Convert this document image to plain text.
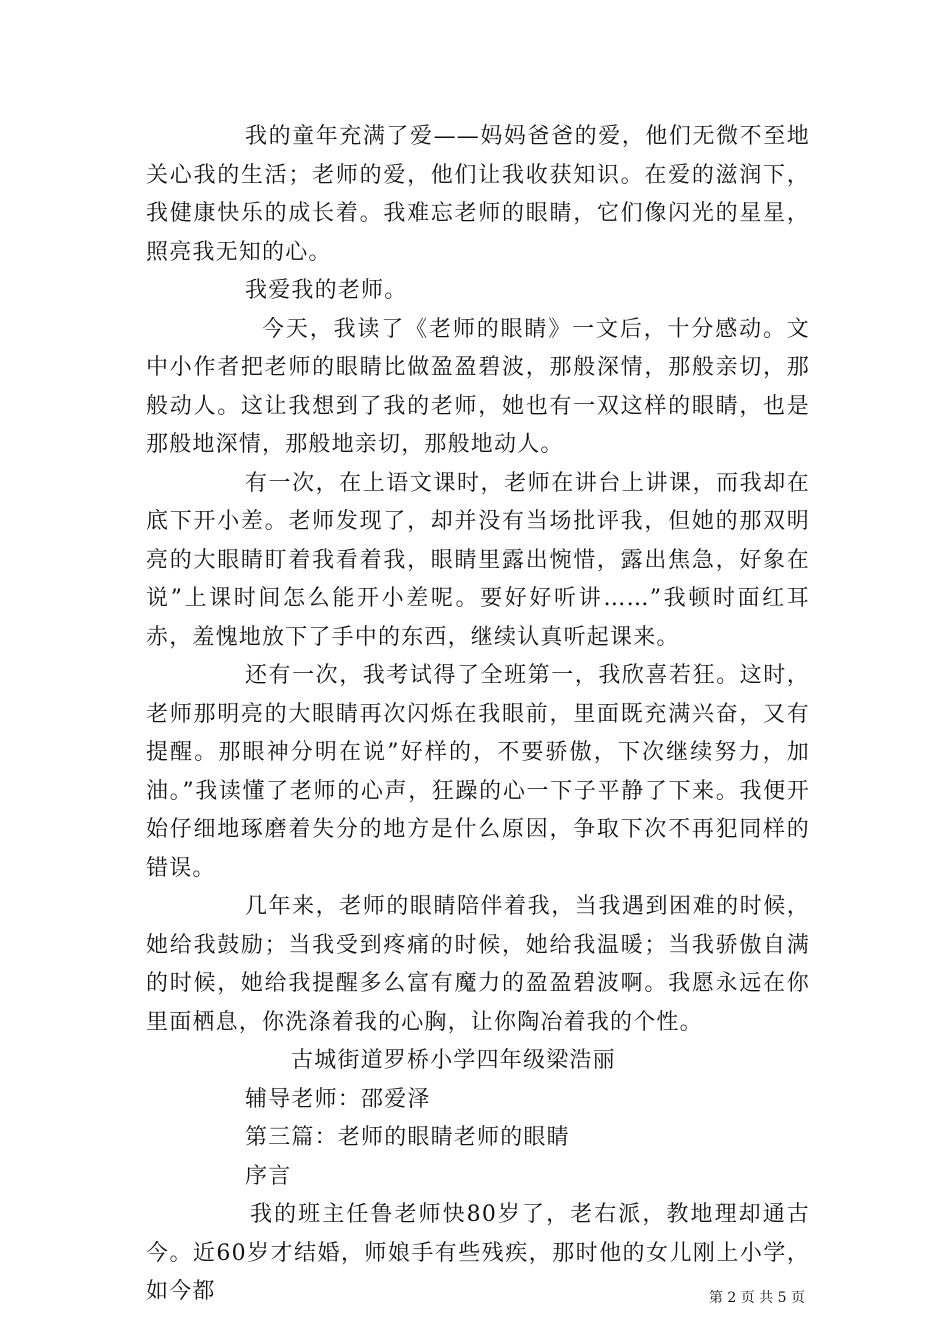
我的童年充满了爱——妈妈爸爸的爱，他们无微不至地关心我的生活；老师的爱，他们让我收获知识。在爱的滋润下，我健康快乐的成长着。我难忘老师的眼睛，它们像闪光的星星，照亮我无知的心。

我爱我的老师。

今天，我读了《老师的眼睛》一文后，十分感动。文中小作者把老师的眼睛比做盈盈碧波，那般深情，那般亲切，那般动人。这让我想到了我的老师，她也有一双这样的眼睛，也是那般地深情，那般地亲切，那般地动人。

有一次，在上语文课时，老师在讲台上讲课，而我却在底下开小差。老师发现了，却并没有当场批评我，但她的那双明亮的大眼睛盯着我看着我，眼睛里露出惋惜，露出焦急，好象在说”上课时间怎么能开小差呢。要好好听讲……”我顿时面红耳赤，羞愧地放下了手中的东西，继续认真听起课来。

还有一次，我考试得了全班第一，我欣喜若狂。这时，老师那明亮的大眼睛再次闪烁在我眼前，里面既充满兴奋，又有提醒。那眼神分明在说”好样的，不要骄傲，下次继续努力，加油。”我读懂了老师的心声，狂躁的心一下子平静了下来。我便开始仔细地琢磨着失分的地方是什么原因，争取下次不再犯同样的错误。

几年来，老师的眼睛陪伴着我，当我遇到困难的时候，她给我鼓励；当我受到疼痛的时候，她给我温暖；当我骄傲自满的时候，她给我提醒多么富有魔力的盈盈碧波啊。我愿永远在你里面栖息，你洗涤着我的心胸，让你陶冶着我的个性。

古城街道罗桥小学四年级梁浩丽

辅导老师：邵爱泽

第三篇：老师的眼睛老师的眼睛

序言

我的班主任鲁老师快80岁了，老右派，教地理却通古今。近60岁才结婚，师娘手有些残疾，那时他的女儿刚上小学，如今都	第 2 页 共 5 页
